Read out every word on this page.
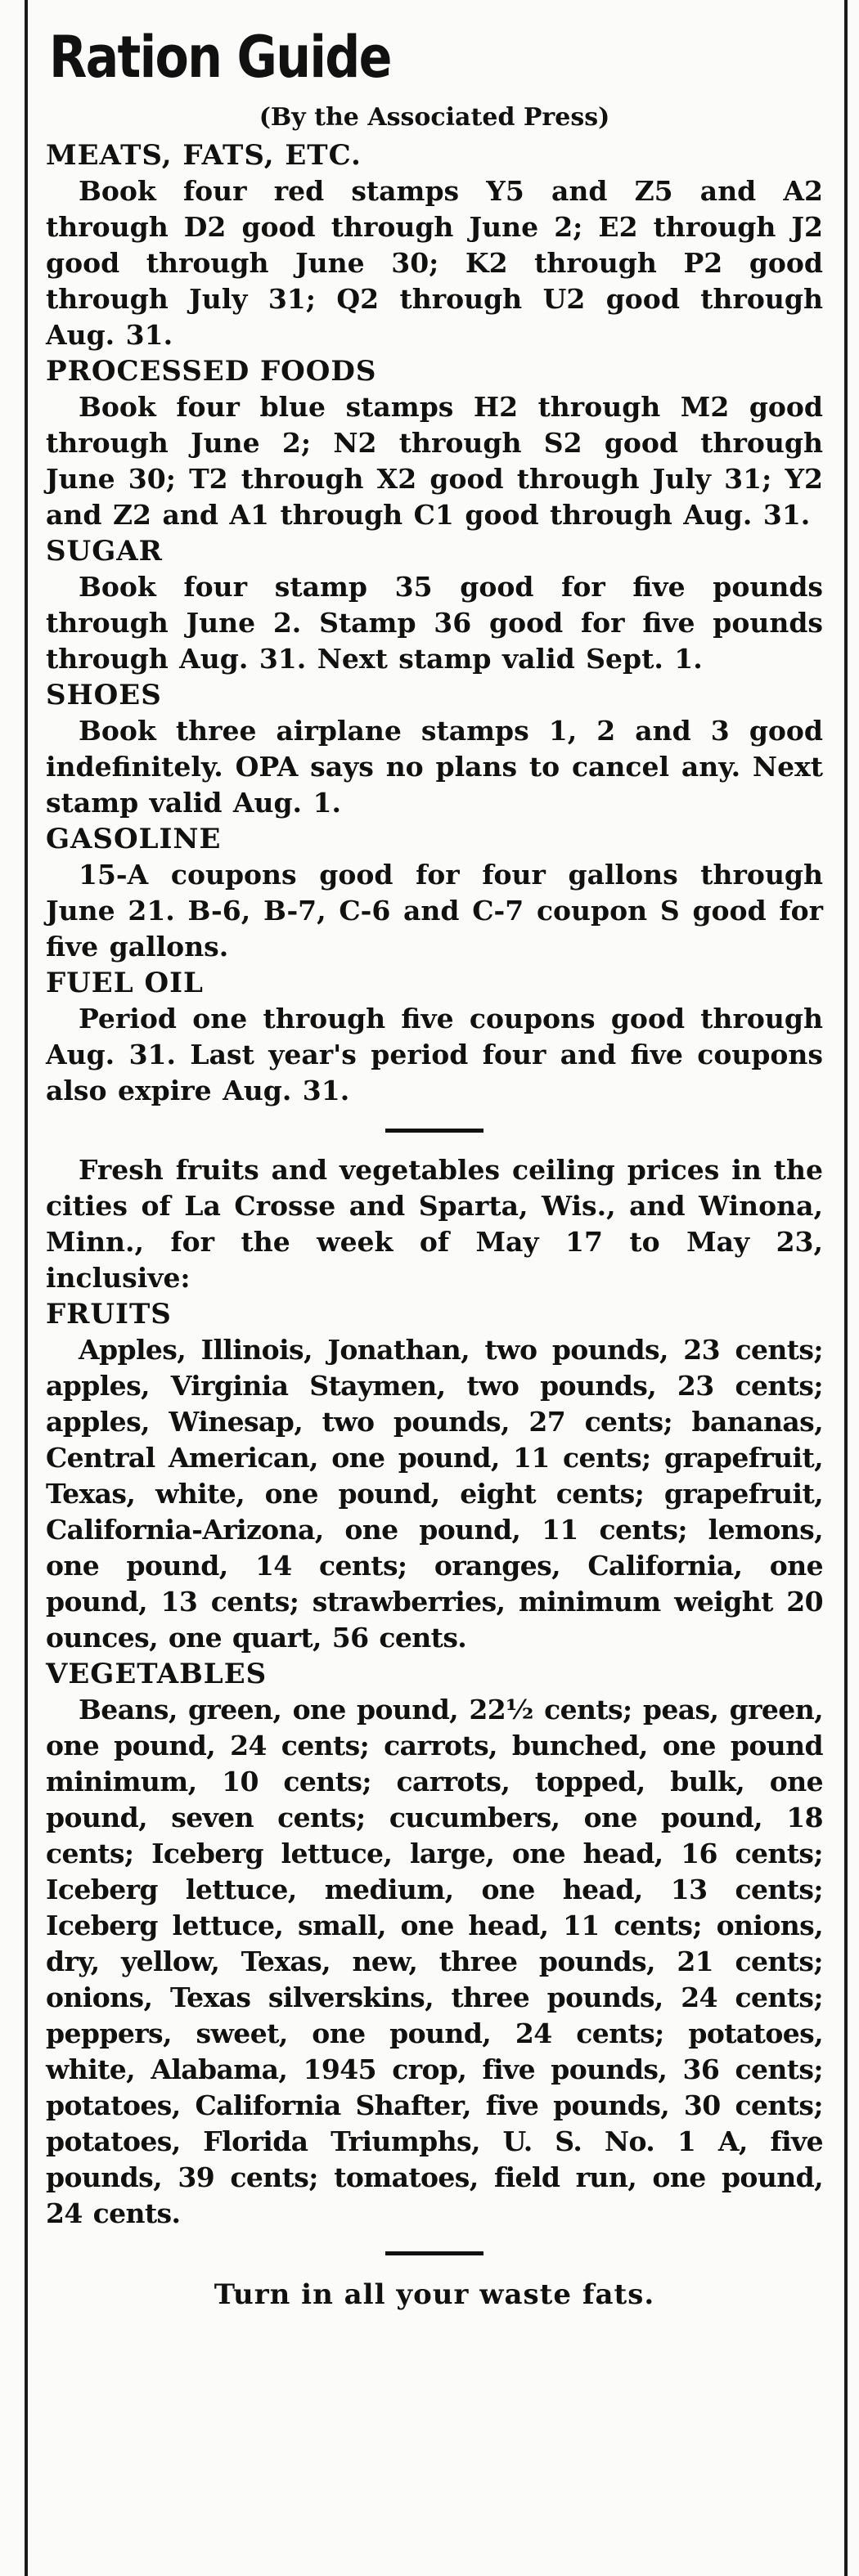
Ration Guide

(By the Associated Press)

MEATS, FATS, ETC.

Book four red stamps Y5 and Z5 and A2 through D2 good through June 2; E2 through J2 good through June 30; K2 through P2 good through July 31; Q2 through U2 good through Aug. 31.

PROCESSED FOODS

Book four blue stamps H2 through M2 good through June 2; N2 through S2 good through June 30; T2 through X2 good through July 31; Y2 and Z2 and A1 through C1 good through Aug. 31.

SUGAR

Book four stamp 35 good for five pounds through June 2. Stamp 36 good for five pounds through Aug. 31. Next stamp valid Sept. 1.

SHOES

Book three airplane stamps 1, 2 and 3 good indefinitely. OPA says no plans to cancel any. Next stamp valid Aug. 1.

GASOLINE

15-A coupons good for four gallons through June 21. B-6, B-7, C-6 and C-7 coupon S good for five gallons.

FUEL OIL

Period one through five coupons good through Aug. 31. Last year's period four and five coupons also expire Aug. 31.

Fresh fruits and vegetables ceiling prices in the cities of La Crosse and Sparta, Wis., and Winona, Minn., for the week of May 17 to May 23, inclusive:

FRUITS

Apples, Illinois, Jonathan, two pounds, 23 cents; apples, Virginia Staymen, two pounds, 23 cents; apples, Winesap, two pounds, 27 cents; bananas, Central American, one pound, 11 cents; grapefruit, Texas, white, one pound, eight cents; grapefruit, California-Arizona, one pound, 11 cents; lemons, one pound, 14 cents; oranges, California, one pound, 13 cents; strawberries, minimum weight 20 ounces, one quart, 56 cents.

VEGETABLES

Beans, green, one pound, 22½ cents; peas, green, one pound, 24 cents; carrots, bunched, one pound minimum, 10 cents; carrots, topped, bulk, one pound, seven cents; cucumbers, one pound, 18 cents; Iceberg lettuce, large, one head, 16 cents; Iceberg lettuce, medium, one head, 13 cents; Iceberg lettuce, small, one head, 11 cents; onions, dry, yellow, Texas, new, three pounds, 21 cents; onions, Texas silverskins, three pounds, 24 cents; peppers, sweet, one pound, 24 cents; potatoes, white, Alabama, 1945 crop, five pounds, 36 cents; potatoes, California Shafter, five pounds, 30 cents; potatoes, Florida Triumphs, U. S. No. 1 A, five pounds, 39 cents; tomatoes, field run, one pound, 24 cents.

Turn in all your waste fats.
